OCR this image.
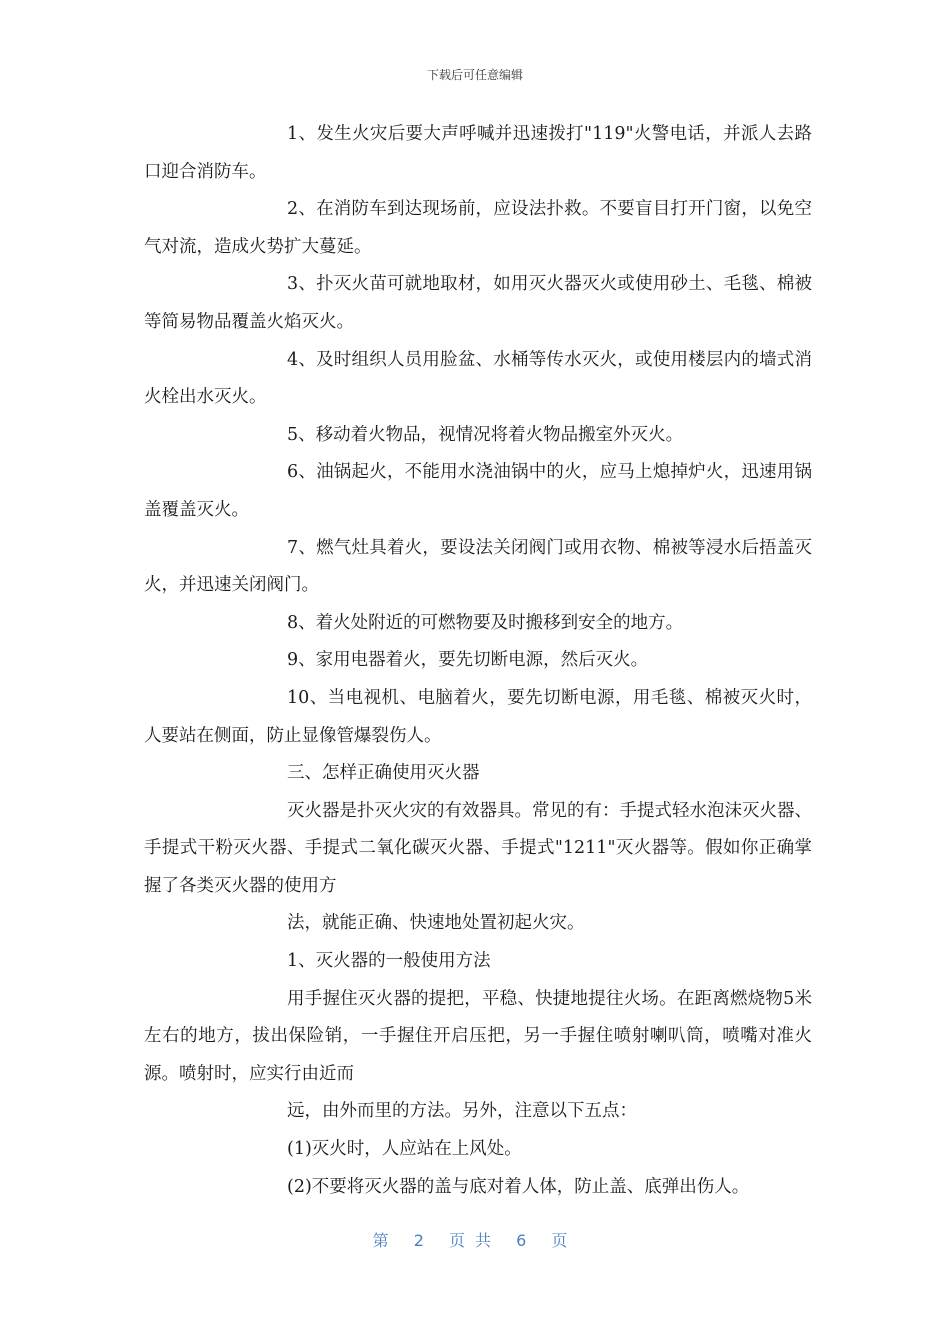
下载后可任意编辑

1、发生火灾后要大声呼喊并迅速拨打"119"火警电话，并派人去路口迎合消防车。

2、在消防车到达现场前，应设法扑救。不要盲目打开门窗，以免空气对流，造成火势扩大蔓延。

3、扑灭火苗可就地取材，如用灭火器灭火或使用砂土、毛毯、棉被等简易物品覆盖火焰灭火。

4、及时组织人员用脸盆、水桶等传水灭火，或使用楼层内的墙式消火栓出水灭火。

5、移动着火物品，视情况将着火物品搬室外灭火。

6、油锅起火，不能用水浇油锅中的火，应马上熄掉炉火，迅速用锅盖覆盖灭火。

7、燃气灶具着火，要设法关闭阀门或用衣物、棉被等浸水后捂盖灭火，并迅速关闭阀门。

8、着火处附近的可燃物要及时搬移到安全的地方。

9、家用电器着火，要先切断电源，然后灭火。

10、当电视机、电脑着火，要先切断电源，用毛毯、棉被灭火时，人要站在侧面，防止显像管爆裂伤人。

三、怎样正确使用灭火器

灭火器是扑灭火灾的有效器具。常见的有：手提式轻水泡沫灭火器、手提式干粉灭火器、手提式二氧化碳灭火器、手提式"1211"灭火器等。假如你正确掌握了各类灭火器的使用方

法，就能正确、快速地处置初起火灾。

1、灭火器的一般使用方法

用手握住灭火器的提把，平稳、快捷地提往火场。在距离燃烧物5米左右的地方，拔出保险销，一手握住开启压把，另一手握住喷射喇叭筒，喷嘴对准火源。喷射时，应实行由近而

远，由外而里的方法。另外，注意以下五点：

(1)灭火时，人应站在上风处。

(2)不要将灭火器的盖与底对着人体，防止盖、底弹出伤人。

第 2 页共 6 页
